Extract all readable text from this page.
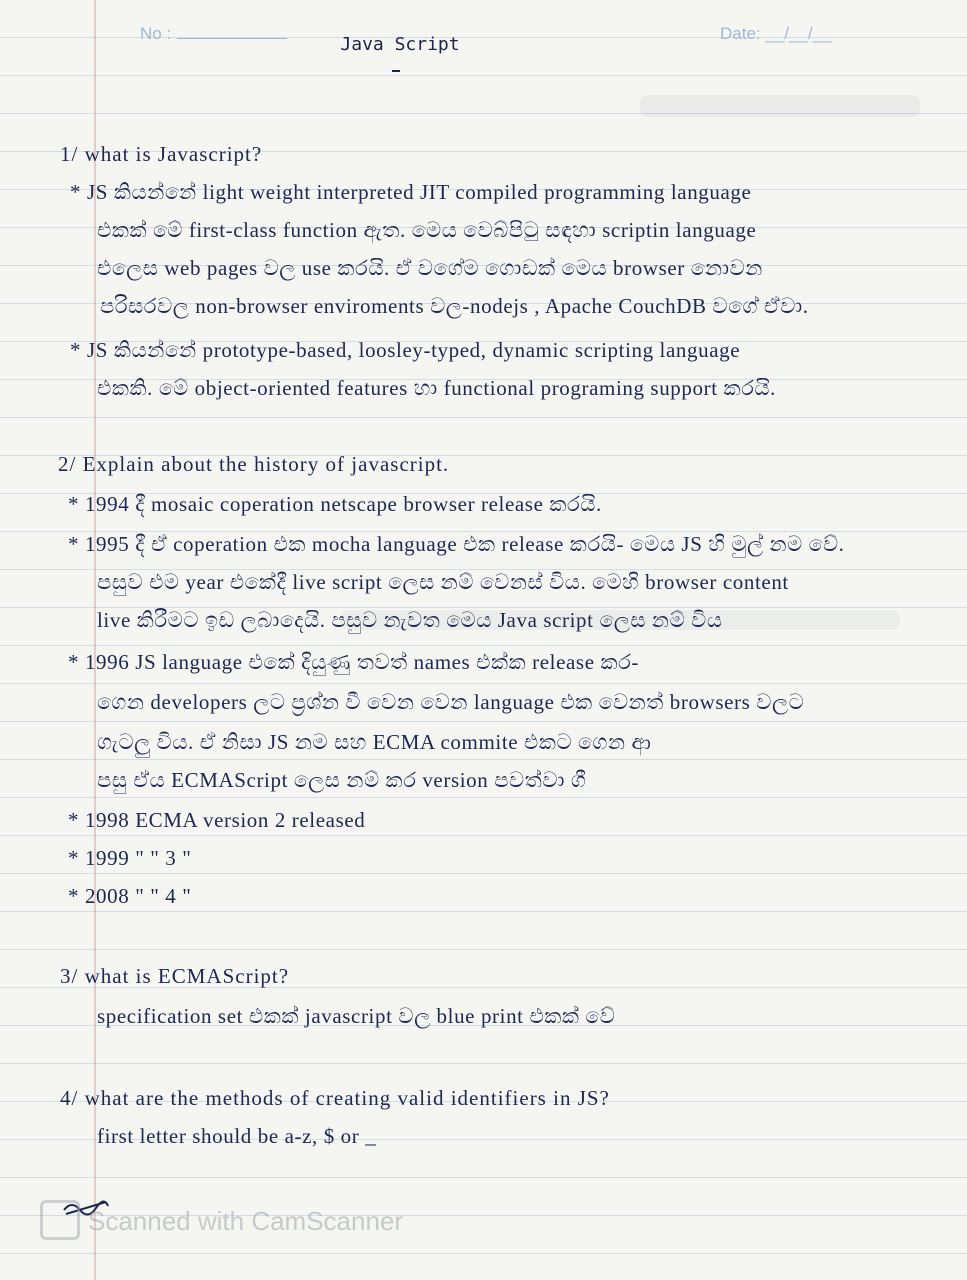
No :	Date: __/__/__
Java Script
1/ what is Javascript?
* JS කියන්නේ light weight interpreted JIT compiled programming language
එකක් මේ first-class function ඇත. මෙය වෙබ්පිටු සඳහා scriptin language
එලෙස web pages වල use කරයි. ඒ වගේම ගොඩක් මෙය browser නොවන
පරිසරවල non-browser enviroments වල-nodejs , Apache CouchDB වගේ ඒවා.
* JS කියන්නේ prototype-based, loosley-typed, dynamic scripting language
එකකි. මේ object-oriented features හා functional programing support කරයි.
2/ Explain about the history of javascript.
* 1994 දී mosaic coperation netscape browser release කරයි.
* 1995 දී ඒ coperation එක mocha language එක release කරයි- මෙය JS හි මුල් නම වේ.
පසුව එම year එකේදී live script ලෙස නම් වෙනස් විය. මෙහි browser content
live කිරීමට ඉඩ ලබාදෙයි. පසුව නැවත මෙය Java script ලෙස නම් විය
* 1996 JS language එකේ දියුණු තවත් names එක්ක release කර-
ගෙන developers ලට ප්‍රශ්න වී වෙන වෙන language එක වෙනත් browsers වලට
ගැටලු විය. ඒ නිසා JS නම සහ ECMA commite එකට ගෙන ආ
පසු ඒය ECMAScript ලෙස නම් කර version පවත්වා ගී
* 1998 ECMA version 2 released
* 1999 " " 3 "
* 2008 " " 4 "
3/ what is ECMAScript?
specification set එකක් javascript වල blue print එකක් වේ
4/ what are the methods of creating valid identifiers in JS?
first letter should be a-z, $ or _
Scanned with CamScanner
